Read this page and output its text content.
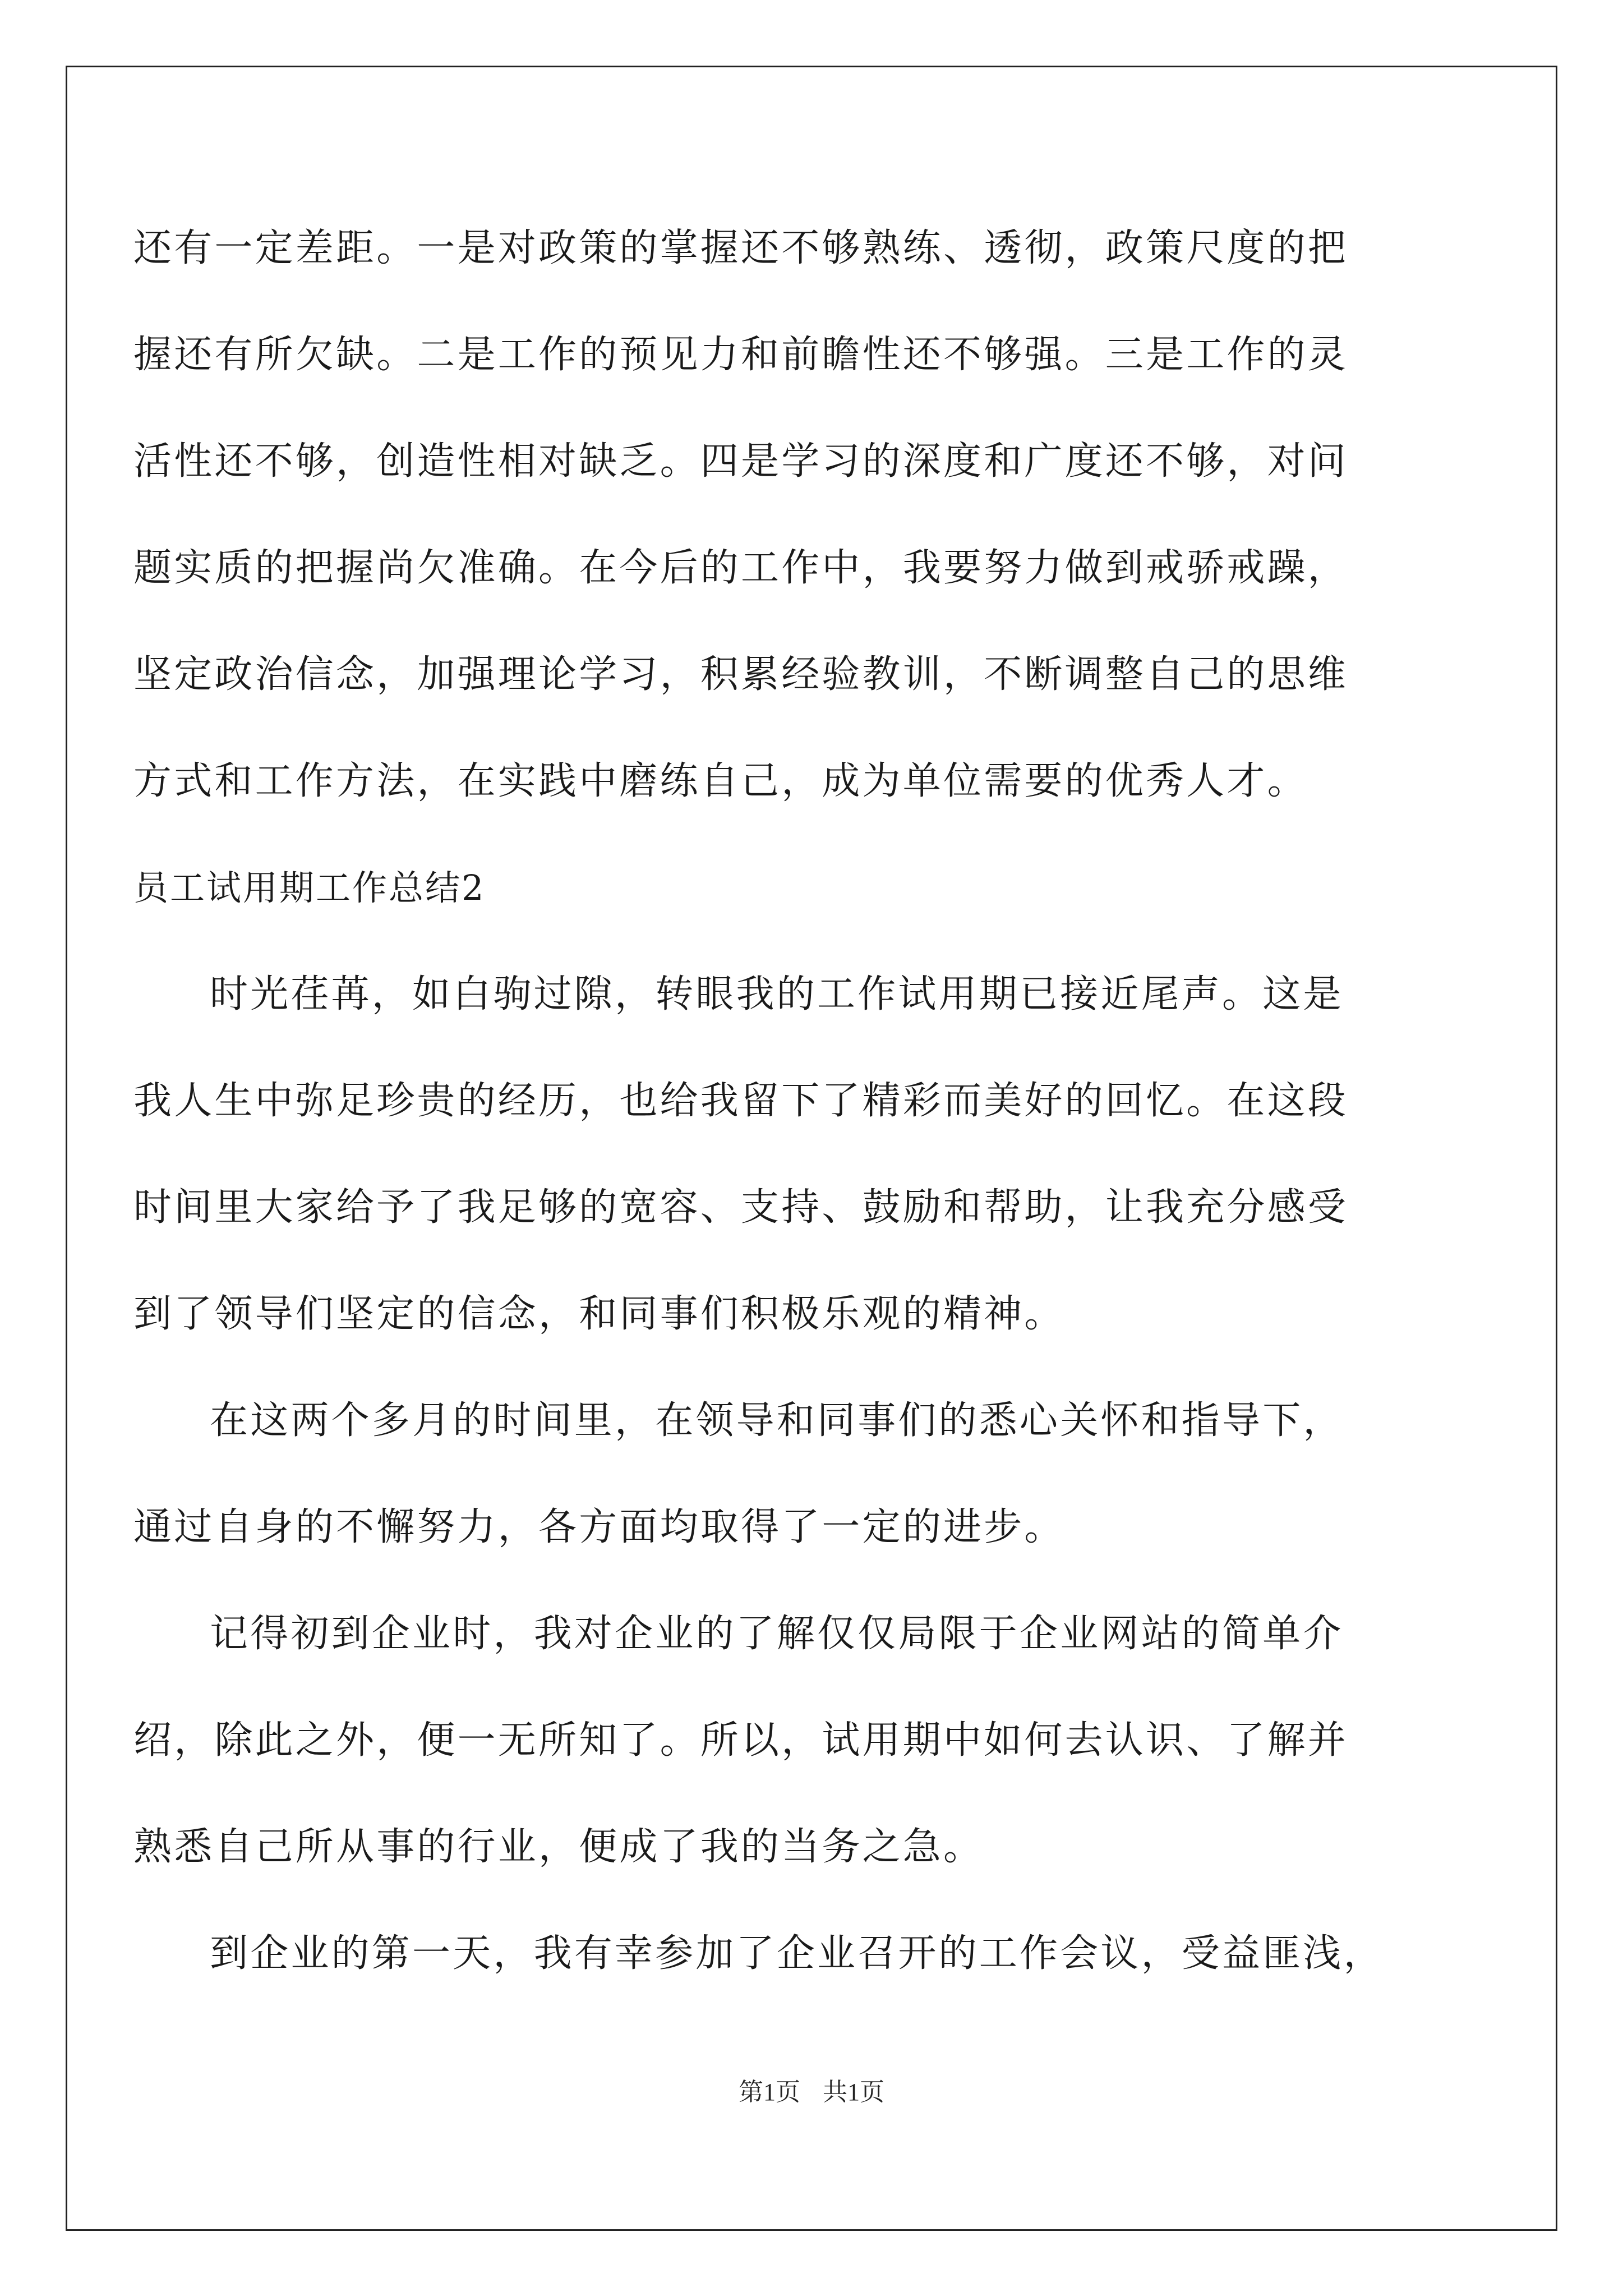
还有一定差距。一是对政策的掌握还不够熟练、透彻，政策尺度的把
握还有所欠缺。二是工作的预见力和前瞻性还不够强。三是工作的灵
活性还不够，创造性相对缺乏。四是学习的深度和广度还不够，对问
题实质的把握尚欠准确。在今后的工作中，我要努力做到戒骄戒躁，
坚定政治信念，加强理论学习，积累经验教训，不断调整自己的思维
方式和工作方法，在实践中磨练自己，成为单位需要的优秀人才。
员工试用期工作总结2
时光荏苒，如白驹过隙，转眼我的工作试用期已接近尾声。这是
我人生中弥足珍贵的经历，也给我留下了精彩而美好的回忆。在这段
时间里大家给予了我足够的宽容、支持、鼓励和帮助，让我充分感受
到了领导们坚定的信念，和同事们积极乐观的精神。
在这两个多月的时间里，在领导和同事们的悉心关怀和指导下，
通过自身的不懈努力，各方面均取得了一定的进步。
记得初到企业时，我对企业的了解仅仅局限于企业网站的简单介
绍，除此之外，便一无所知了。所以，试用期中如何去认识、了解并
熟悉自己所从事的行业，便成了我的当务之急。
到企业的第一天，我有幸参加了企业召开的工作会议，受益匪浅，
第1页 共1页
